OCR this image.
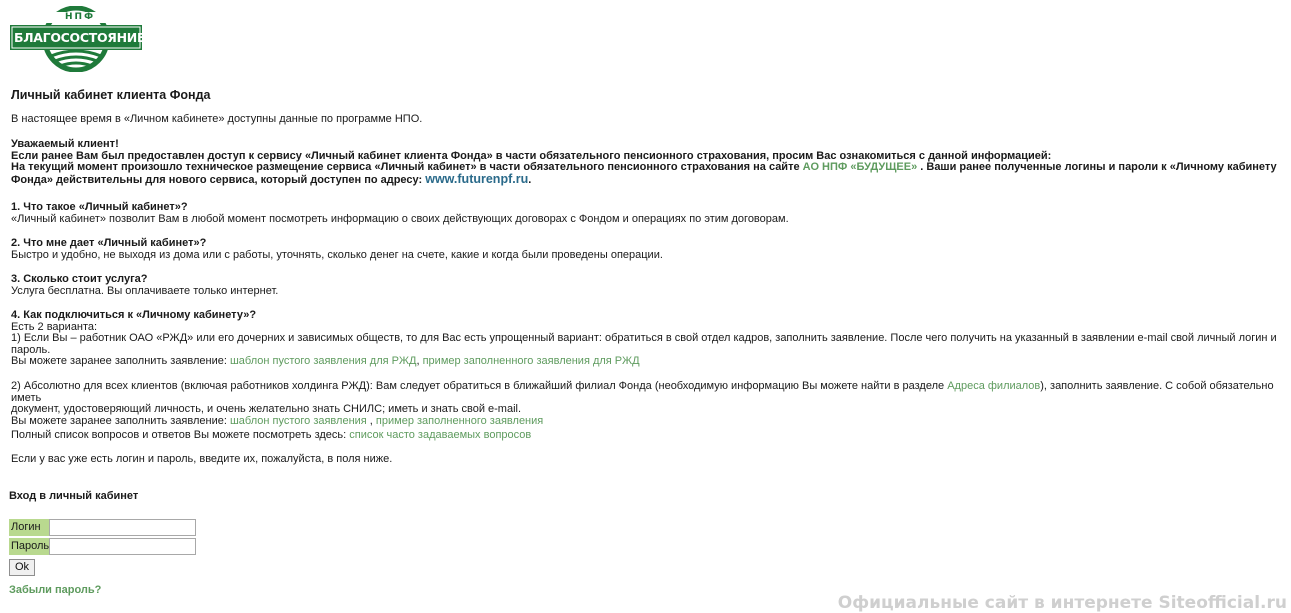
НПФ
БЛАГОСОСТОЯНИЕ
Личный кабинет клиента Фонда

В настоящее время в «Личном кабинете» доступны данные по программе НПО.

Уважаемый клиент!
Если ранее Вам был предоставлен доступ к сервису «Личный кабинет клиента Фонда» в части обязательного пенсионного страхования, просим Вас ознакомиться с данной информацией:
На текущий момент произошло техническое размещение сервиса «Личный кабинет» в части обязательного пенсионного страхования на сайте АО НПФ «БУДУЩЕЕ» . Ваши ранее полученные логины и пароли к «Личному кабинету
Фонда» действительны для нового сервиса, который доступен по адресу: www.futurenpf.ru.
1. Что такое «Личный кабинет»?
«Личный кабинет» позволит Вам в любой момент посмотреть информацию о своих действующих договорах с Фондом и операциях по этим договорам.
2. Что мне дает «Личный кабинет»?
Быстро и удобно, не выходя из дома или с работы, уточнять, сколько денег на счете, какие и когда были проведены операции.
3. Сколько стоит услуга?
Услуга бесплатна. Вы оплачиваете только интернет.
4. Как подключиться к «Личному кабинету»?
Есть 2 варианта:
1) Если Вы – работник ОАО «РЖД» или его дочерних и зависимых обществ, то для Вас есть упрощенный вариант: обратиться в свой отдел кадров, заполнить заявление. После чего получить на указанный в заявлении e-mail свой личный логин и
пароль.
Вы можете заранее заполнить заявление: шаблон пустого заявления для РЖД, пример заполненного заявления для РЖД
2) Абсолютно для всех клиентов (включая работников холдинга РЖД): Вам следует обратиться в ближайший филиал Фонда (необходимую информацию Вы можете найти в разделе Адреса филиалов), заполнить заявление. С собой обязательно иметь
документ, удостоверяющий личность, и очень желательно знать СНИЛС; иметь и знать свой e-mail.
Вы можете заранее заполнить заявление: шаблон пустого заявления , пример заполненного заявления
Полный список вопросов и ответов Вы можете посмотреть здесь: список часто задаваемых вопросов
Если у вас уже есть логин и пароль, введите их, пожалуйста, в поля ниже.
Вход в личный кабинет
Логин
Пароль
Ok
Забыли пароль?
Официальные сайт в интернете Siteofficial.ru
